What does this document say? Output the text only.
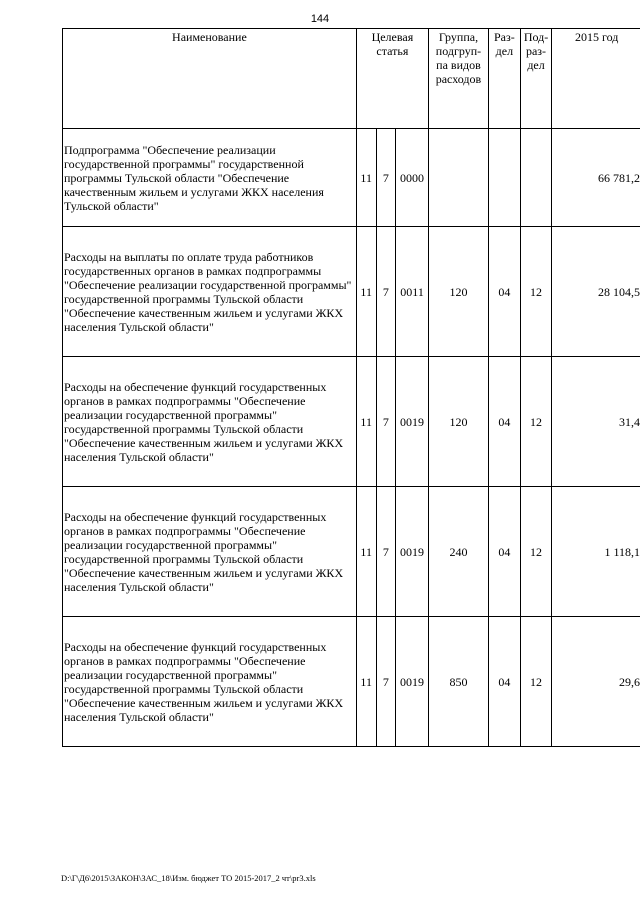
144
Наименование	Целевая статья			Группа, подгруп-па видов расходов	Раз-дел	Под-раз-дел	2015 год
Подпрограмма "Обеспечение реализации государственной программы" государственной программы Тульской области "Обеспечение качественным жильем и услугами ЖКХ населения Тульской области"	11	7	0000				66 781,2
Расходы на выплаты по оплате труда работников государственных органов в рамках подпрограммы "Обеспечение реализации государственной программы" государственной программы Тульской области "Обеспечение качественным жильем и услугами ЖКХ населения Тульской области"	11	7	0011	120	04	12	28 104,5
Расходы на обеспечение функций государственных органов в рамках подпрограммы "Обеспечение реализации государственной программы" государственной программы Тульской области "Обеспечение качественным жильем и услугами ЖКХ населения Тульской области"	11	7	0019	120	04	12	31,4
Расходы на обеспечение функций государственных органов в рамках подпрограммы "Обеспечение реализации государственной программы" государственной программы Тульской области "Обеспечение качественным жильем и услугами ЖКХ населения Тульской области"	11	7	0019	240	04	12	1 118,1
Расходы на обеспечение функций государственных органов в рамках подпрограммы "Обеспечение реализации государственной программы" государственной программы Тульской области "Обеспечение качественным жильем и услугами ЖКХ населения Тульской области"	11	7	0019	850	04	12	29,6
D:\Г\Д6\2015\ЗАКОН\ЗАС_18\Изм. бюджет ТО 2015-2017_2 чт\pr3.xls
